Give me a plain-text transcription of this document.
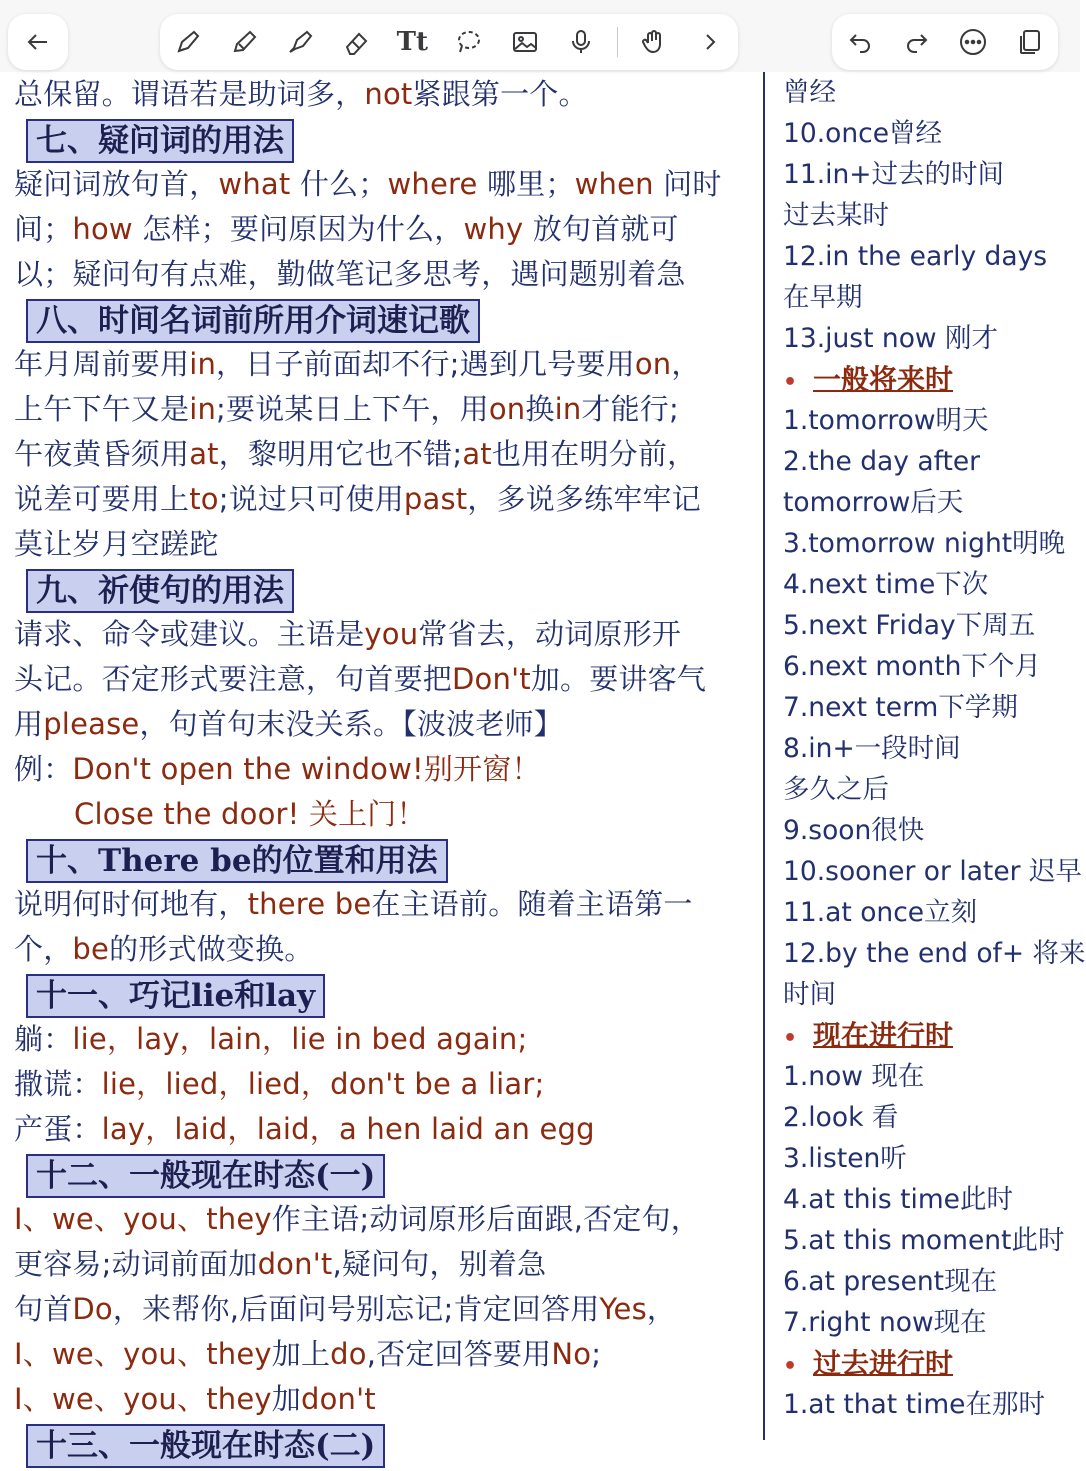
Tt
总保留。谓语若是助词多，not紧跟第一个。
七、疑问词的用法
疑问词放句首，what 什么；where 哪里；when 问时
间；how 怎样；要问原因为什么，why 放句首就可
以；疑问句有点难，勤做笔记多思考，遇问题别着急
八、时间名词前所用介词速记歌
年月周前要用in，日子前面却不行;遇到几号要用on，
上午下午又是in;要说某日上下午，用on换in才能行;
午夜黄昏须用at，黎明用它也不错;at也用在明分前，
说差可要用上to;说过只可使用past，多说多练牢牢记
莫让岁月空蹉跎
九、祈使句的用法
请求、命令或建议。主语是you常省去，动词原形开
头记。否定形式要注意，句首要把Don't加。要讲客气
用please，句首句末没关系。【波波老师】
例：Don't open the window!别开窗！
Close the door! 关上门！
十、There be的位置和用法
说明何时何地有，there be在主语前。随着主语第一
个，be的形式做变换。
十一、巧记lie和lay
躺：lie，lay，lain，lie in bed again;
撒谎：lie，lied，lied，don't be a liar;
产蛋：lay，laid，laid，a hen laid an egg
十二、一般现在时态(一)
I、we、you、they作主语;动词原形后面跟,否定句，
更容易;动词前面加don't,疑问句，别着急
句首Do，来帮你,后面问号别忘记;肯定回答用Yes，
I、we、you、they加上do,否定回答要用No;
I、we、you、they加don't
十三、一般现在时态(二)
曾经
10.once曾经
11.in+过去的时间
过去某时
12.in the early days
在早期
13.just now 刚才
• 一般将来时
1.tomorrow明天
2.the day after
tomorrow后天
3.tomorrow night明晚
4.next time下次
5.next Friday下周五
6.next month下个月
7.next term下学期
8.in+一段时间
多久之后
9.soon很快
10.sooner or later 迟早
11.at once立刻
12.by the end of+ 将来
时间
• 现在进行时
1.now 现在
2.look 看
3.listen听
4.at this time此时
5.at this moment此时
6.at present现在
7.right now现在
• 过去进行时
1.at that time在那时
